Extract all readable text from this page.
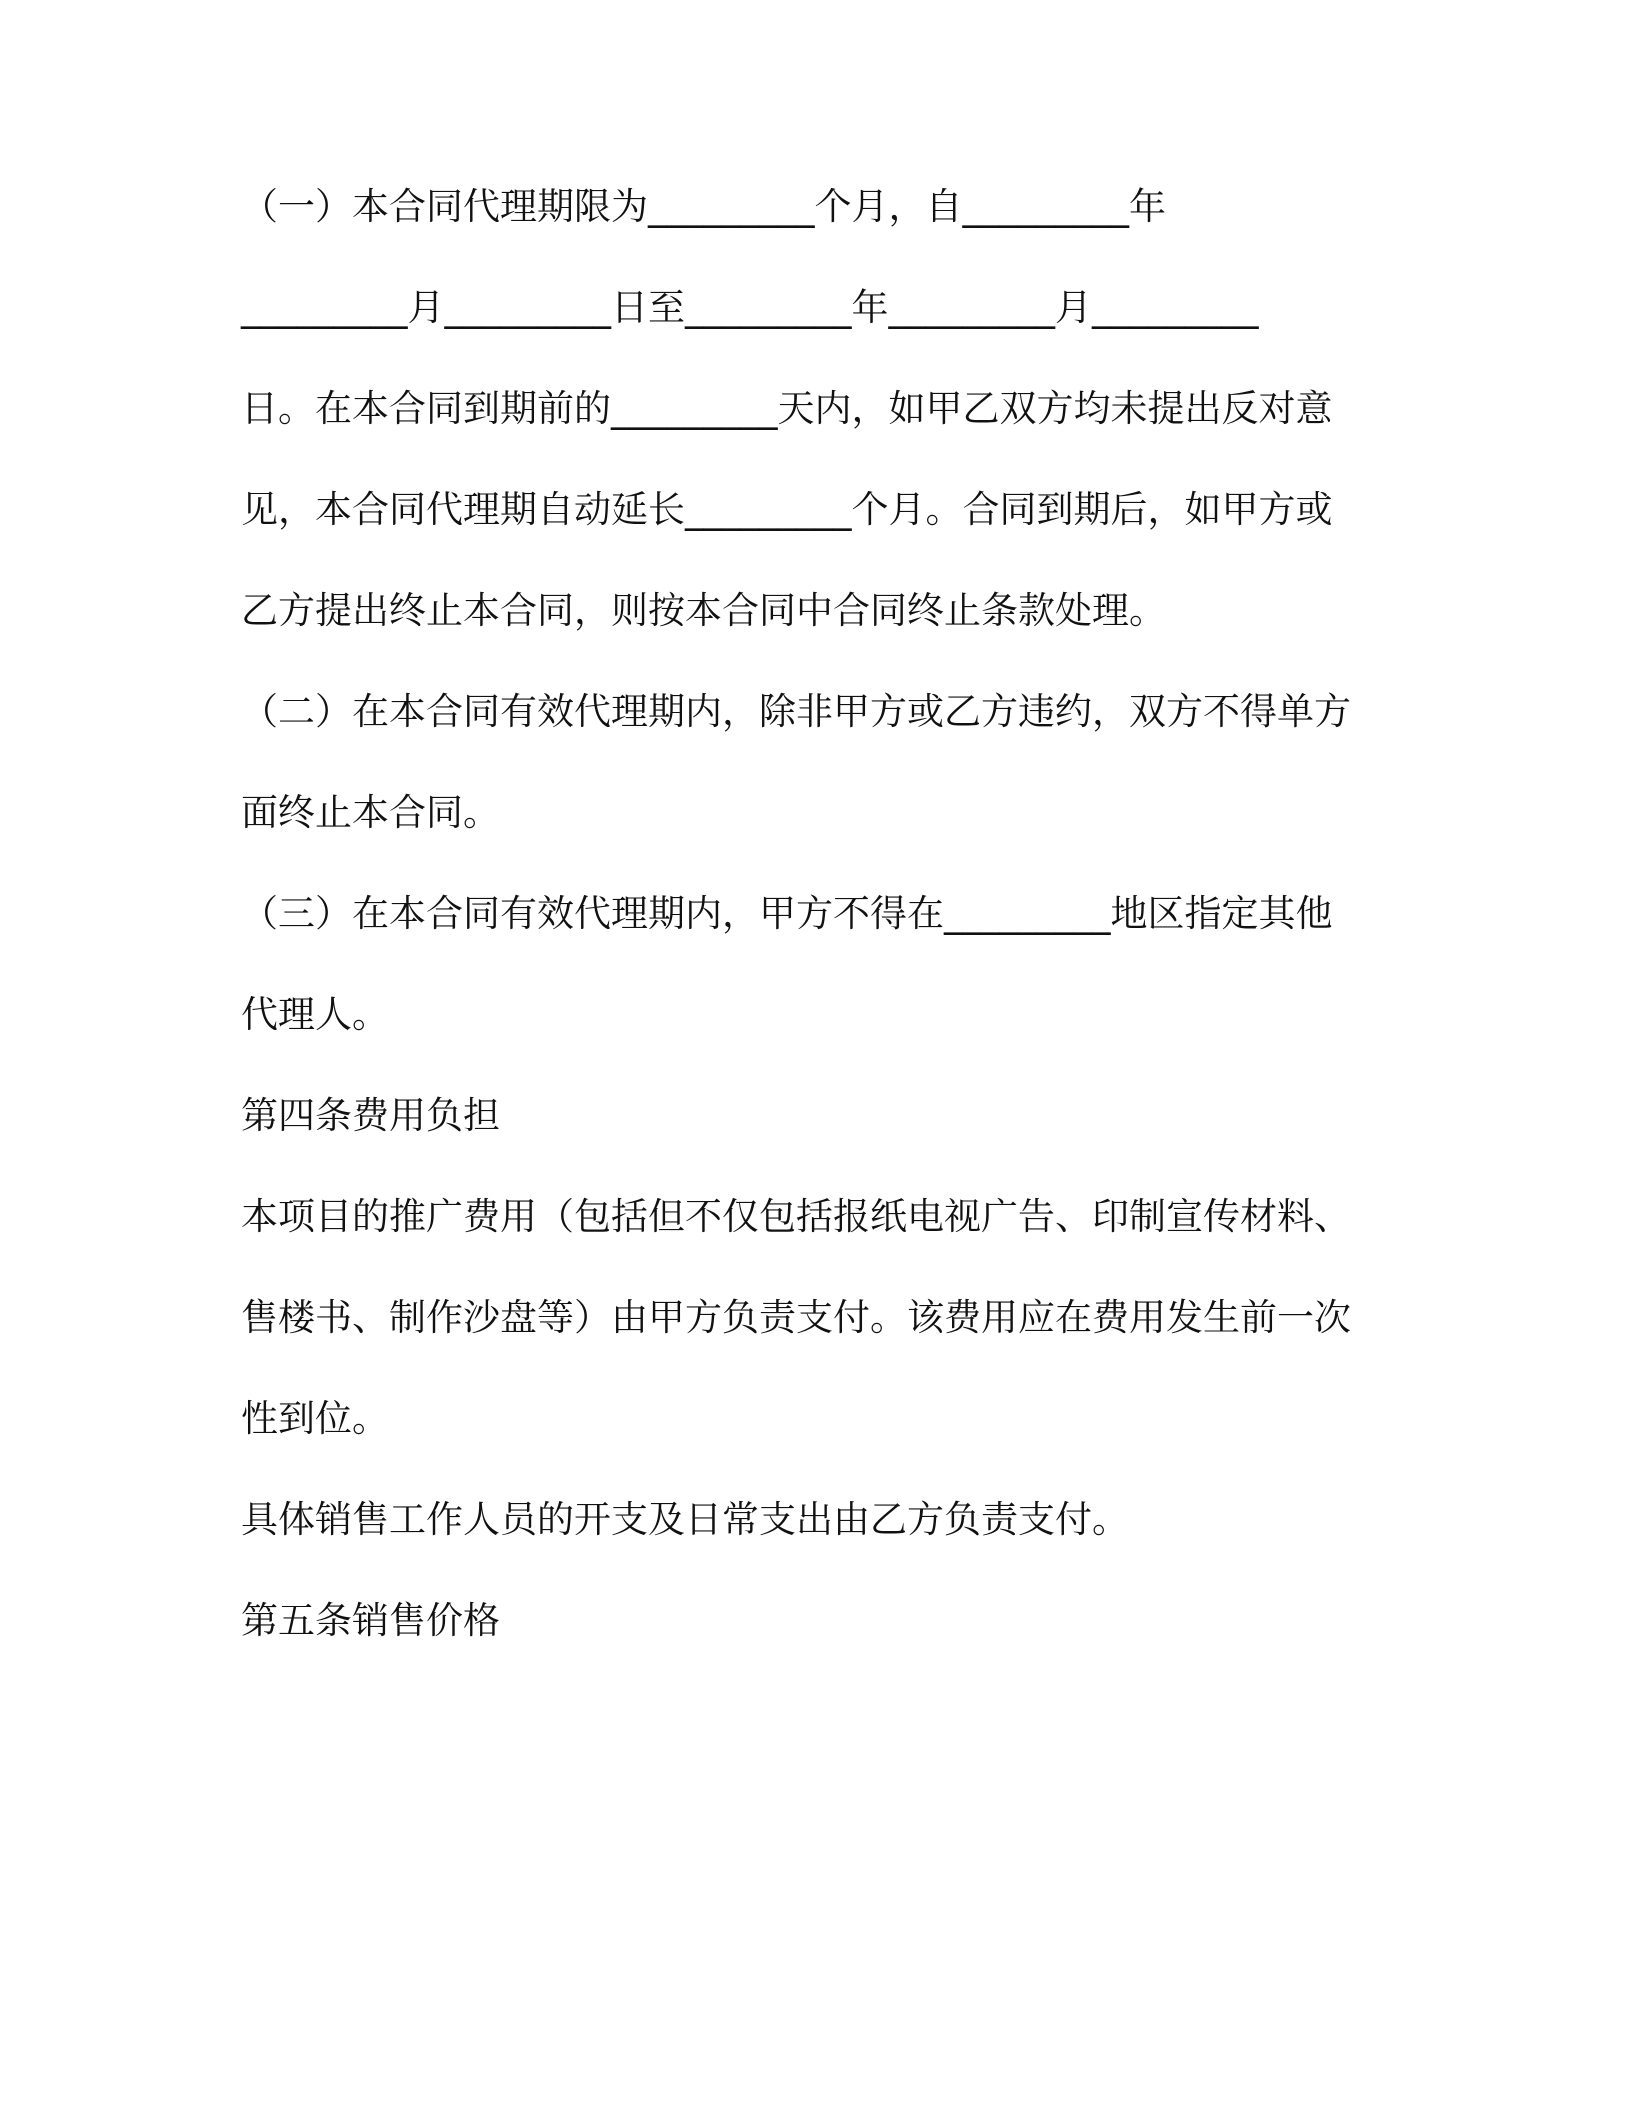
（一）本合同代理期限为_________个月，自_________年
_________月_________日至_________年_________月_________
日。在本合同到期前的_________天内，如甲乙双方均未提出反对意
见，本合同代理期自动延长_________个月。合同到期后，如甲方或
乙方提出终止本合同，则按本合同中合同终止条款处理。
（二）在本合同有效代理期内，除非甲方或乙方违约，双方不得单方
面终止本合同。
（三）在本合同有效代理期内，甲方不得在_________地区指定其他
代理人。
第四条费用负担
本项目的推广费用（包括但不仅包括报纸电视广告、印制宣传材料、
售楼书、制作沙盘等）由甲方负责支付。该费用应在费用发生前一次
性到位。
具体销售工作人员的开支及日常支出由乙方负责支付。
第五条销售价格
